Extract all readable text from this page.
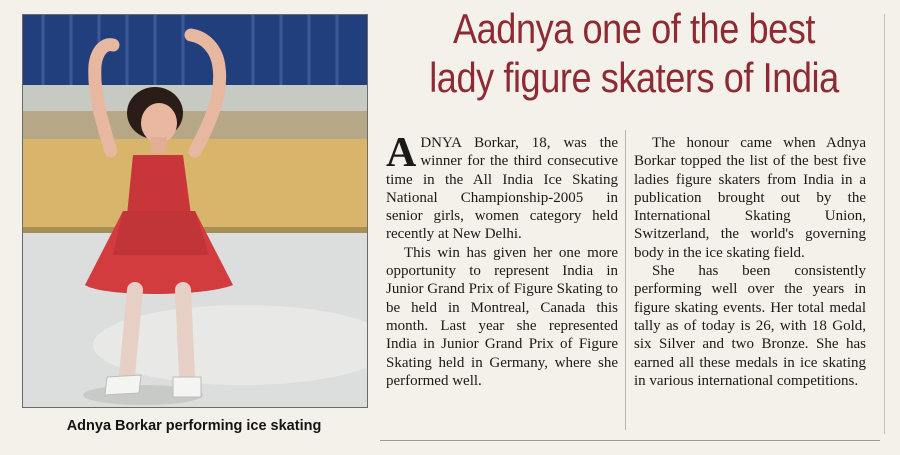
Adnya Borkar performing ice skating
Aadnya one of the best
lady figure skaters of India

ADNYA Borkar, 18, was the winner for the third consecutive time in the All India Ice Skating National Championship-2005 in senior girls, women category held recently at New Delhi.

This win has given her one more opportunity to represent India in Junior Grand Prix of Figure Skating to be held in Montreal, Canada this month. Last year she represented India in Junior Grand Prix of Figure Skating held in Germany, where she performed well.

The honour came when Adnya Borkar topped the list of the best five ladies figure skaters from India in a publication brought out by the International Skating Union, Switzerland, the world's governing body in the ice skating field.

She has been consistently performing well over the years in figure skating events. Her total medal tally as of today is 26, with 18 Gold, six Silver and two Bronze. She has earned all these medals in ice skating in various international competitions.
